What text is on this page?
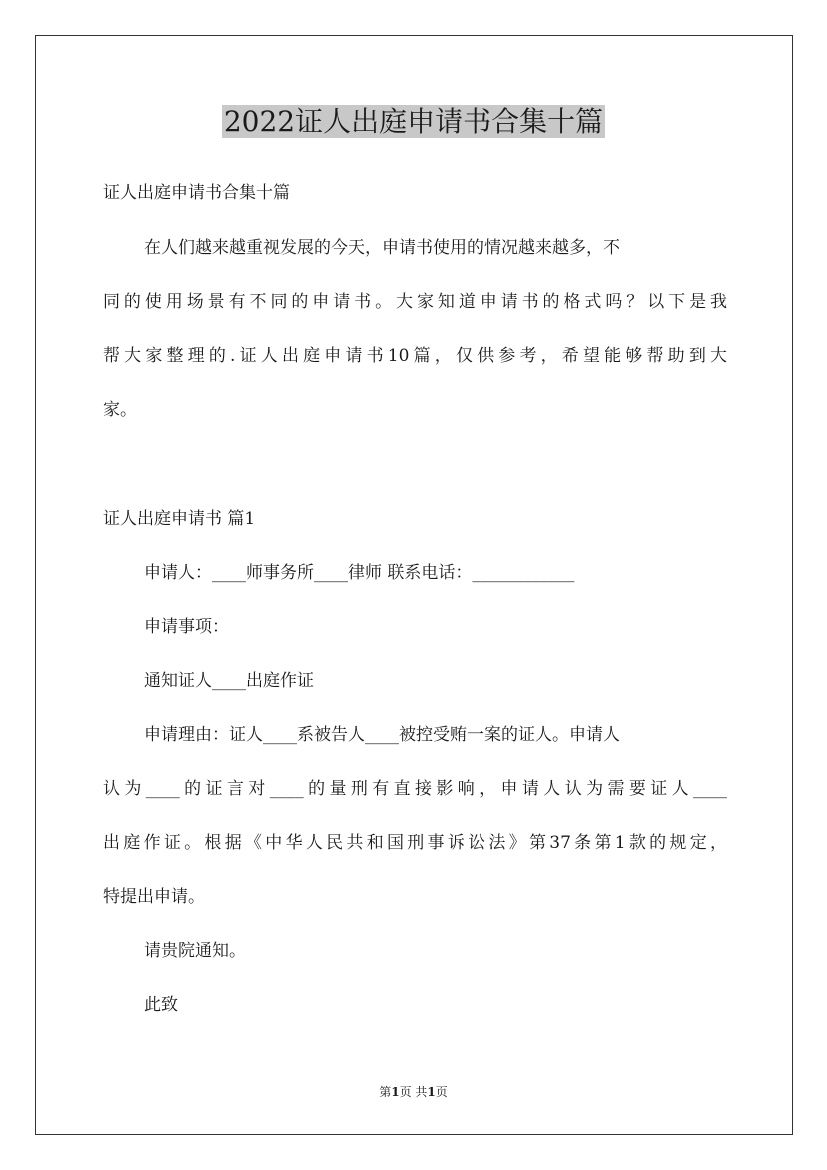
2022证人出庭申请书合集十篇
证人出庭申请书合集十篇
在人们越来越重视发展的今天，申请书使用的情况越来越多，不
同的使用场景有不同的申请书。大家知道申请书的格式吗？以下是我
帮大家整理的.证人出庭申请书10篇，仅供参考，希望能够帮助到大
家。
证人出庭申请书 篇1
申请人：____师事务所____律师 联系电话：____________
申请事项：
通知证人____出庭作证
申请理由：证人____系被告人____被控受贿一案的证人。申请人
认为____的证言对____的量刑有直接影响，申请人认为需要证人____
出庭作证。根据《中华人民共和国刑事诉讼法》第37条第1款的规定，
特提出申请。
请贵院通知。
此致
第1页 共1页
